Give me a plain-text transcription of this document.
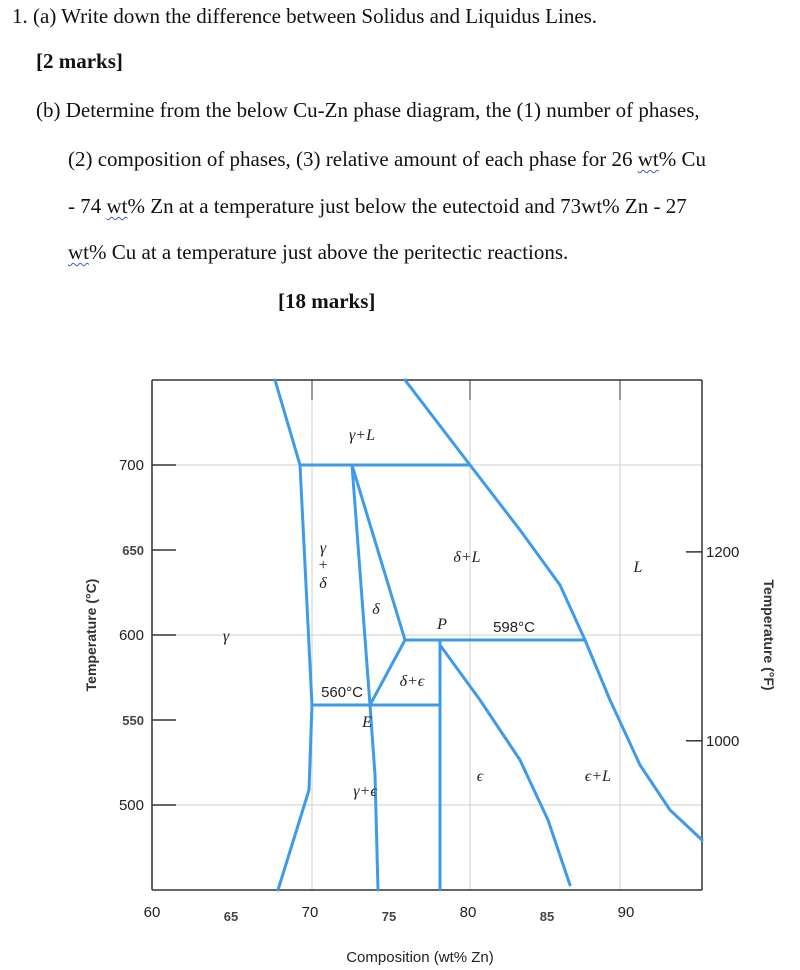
1. (a) Write down the difference between Solidus and Liquidus Lines.
[2 marks]
(b) Determine from the below Cu-Zn phase diagram, the (1) number of phases,
(2) composition of phases, (3) relative amount of each phase for 26 wt% Cu
- 74 wt% Zn at a temperature just below the eutectoid and 73wt% Zn - 27
wt% Cu at a temperature just above the peritectic reactions.
[18 marks]
60	65	70	75	80	85	90
700
650
600
550
500
1200
1000
Composition (wt% Zn)
Temperature (°C)	Temperature (°F)
γ+L
δ+L
L
γ
γ
+
δ
δ
δ+ϵ
γ+ϵ
ϵ	ϵ+L
P
E
598°C
560°C
